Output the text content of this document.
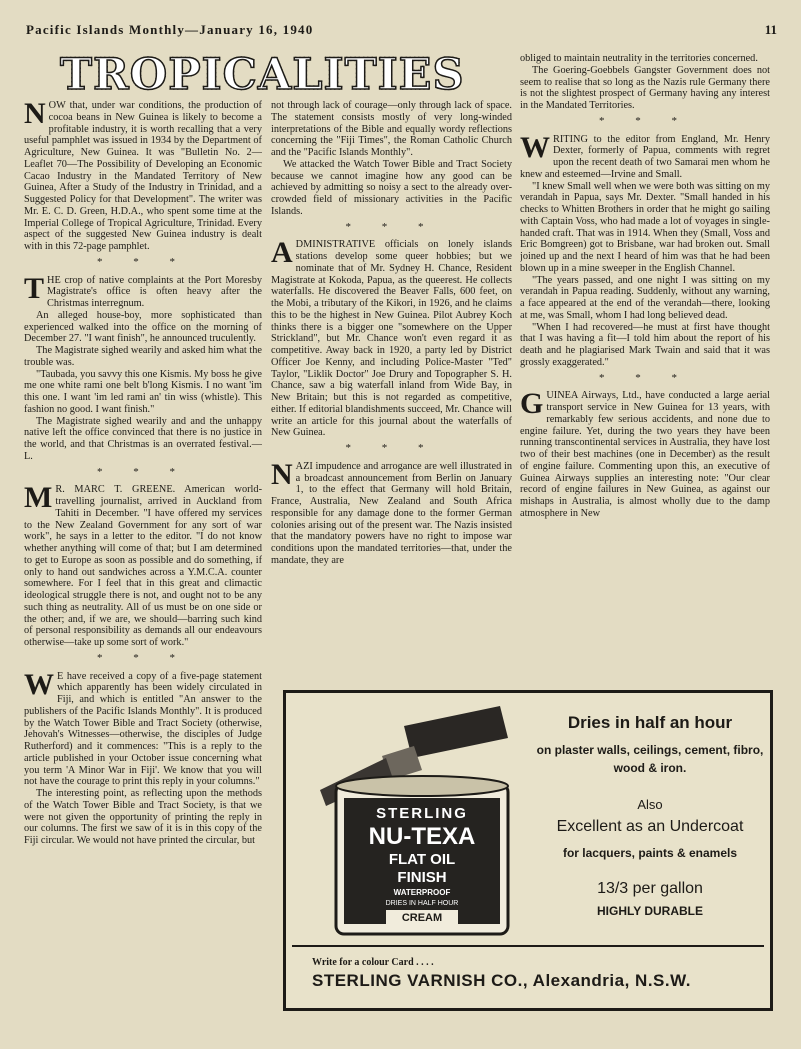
Pacific Islands Monthly—January 16, 1940	11
TROPICALITIES

NOW that, under war conditions, the production of cocoa beans in New Guinea is likely to become a profitable industry, it is worth recalling that a very useful pamphlet was issued in 1934 by the Department of Agriculture, New Guinea. It was "Bulletin No. 2—Leaflet 70—The Possibility of Developing an Economic Cacao Industry in the Mandated Territory of New Guinea, After a Study of the Industry in Trinidad, and a Suggested Policy for that Development". The writer was Mr. E. C. D. Green, H.D.A., who spent some time at the Imperial College of Tropical Agriculture, Trinidad. Every aspect of the suggested New Guinea industry is dealt with in this 72-page pamphlet.

* * *

THE crop of native complaints at the Port Moresby Magistrate's office is often heavy after the Christmas interregnum.

An alleged house-boy, more sophisticated than experienced walked into the office on the morning of December 27. "I want finish", he announced truculently.

The Magistrate sighed wearily and asked him what the trouble was.

"Taubada, you savvy this one Kismis. My boss he give me one white rami one belt b'long Kismis. I no want 'im this one. I want 'im led rami an' tin wiss (whistle). This fashion no good. I want finish."

The Magistrate sighed wearily and and the unhappy native left the office convinced that there is no justice in the world, and that Christmas is an overrated festival.—L.

* * *

M R. MARC T. GREENE. American world-travelling journalist, arrived in Auckland from Tahiti in December. "I have offered my services to the New Zealand Government for any sort of war work", he says in a letter to the editor. "I do not know whether anything will come of that; but I am determined to get to Europe as soon as possible and do something, if only to hand out sandwiches across a Y.M.C.A. counter somewhere. For I feel that in this great and climactic ideological struggle there is not, and ought not to be any such thing as neutrality. All of us must be on one side or the other; and, if we are, we should—barring such kind of personal responsibility as demands all our endeavours otherwise—take up some sort of work."

* * *

W E have received a copy of a five-page statement which apparently has been widely circulated in Fiji, and which is entitled "An answer to the publishers of the Pacific Islands Monthly". It is produced by the Watch Tower Bible and Tract Society (otherwise, Jehovah's Witnesses—otherwise, the disciples of Judge Rutherford) and it commences: "This is a reply to the article published in your October issue concerning what you term 'A Minor War in Fiji'. We know that you will not have the courage to print this reply in your columns."

The interesting point, as reflecting upon the methods of the Watch Tower Bible and Tract Society, is that we were not given the opportunity of printing the reply in our columns. The first we saw of it is in this copy of the Fiji circular. We would not have printed the circular, but

not through lack of courage—only through lack of space. The statement consists mostly of very long-winded interpretations of the Bible and equally wordy reflections concerning the "Fiji Times", the Roman Catholic Church and the "Pacific Islands Monthly".

We attacked the Watch Tower Bible and Tract Society because we cannot imagine how any good can be achieved by admitting so noisy a sect to the already over-crowded field of missionary activities in the Pacific Islands.

* * *

ADMINISTRATIVE officials on lonely islands stations develop some queer hobbies; but we nominate that of Mr. Sydney H. Chance, Resident Magistrate at Kokoda, Papua, as the queerest. He collects waterfalls. He discovered the Beaver Falls, 600 feet, on the Mobi, a tributary of the Kikori, in 1926, and he claims this to be the highest in New Guinea. Pilot Aubrey Koch thinks there is a bigger one "somewhere on the Upper Strickland", but Mr. Chance won't even regard it as competitive. Away back in 1920, a party led by District Officer Joe Kenny, and including Police-Master "Ted" Taylor, "Liklik Doctor" Joe Drury and Topographer S. H. Chance, saw a big waterfall inland from Wide Bay, in New Britain; but this is not regarded as competitive, either. If editorial blandishments succeed, Mr. Chance will write an article for this journal about the waterfalls of New Guinea.

* * *

NAZI impudence and arrogance are well illustrated in a broadcast announcement from Berlin on January 1, to the effect that Germany will hold Britain, France, Australia, New Zealand and South Africa responsible for any damage done to the former German colonies arising out of the present war. The Nazis insisted that the mandatory powers have no right to impose war conditions upon the mandated territories—that, under the mandate, they are

obliged to maintain neutrality in the territories concerned.

The Goering-Goebbels Gangster Government does not seem to realise that so long as the Nazis rule Germany there is not the slightest prospect of Germany having any interest in the Mandated Territories.

* * *

WRITING to the editor from England, Mr. Henry Dexter, formerly of Papua, comments with regret upon the recent death of two Samarai men whom he knew and esteemed—Irvine and Small.

"I knew Small well when we were both was sitting on my verandah in Papua, says Mr. Dexter. "Small handed in his checks to Whitten Brothers in order that he might go sailing with Captain Voss, who had made a lot of voyages in single-handed craft. That was in 1914. When they (Small, Voss and Eric Bomgreen) got to Brisbane, war had broken out. Small joined up and the next I heard of him was that he had been blown up in a mine sweeper in the English Channel.

"The years passed, and one night I was sitting on my verandah in Papua reading. Suddenly, without any warning, a face appeared at the end of the verandah—there, looking at me, was Small, whom I had long believed dead.

"When I had recovered—he must at first have thought that I was having a fit—I told him about the report of his death and he plagiarised Mark Twain and said that it was grossly exaggerated."

* * *

GUINEA Airways, Ltd., have conducted a large aerial transport service in New Guinea for 13 years, with remarkably few serious accidents, and none due to engine failure. Yet, during the two years they have been running transcontinental services in Australia, they have lost two of their best machines (one in December) as the result of engine failure. Commenting upon this, an executive of Guinea Airways supplies an interesting note: "Our clear record of engine failures in New Guinea, as against our mishaps in Australia, is almost wholly due to the damp atmosphere in New

STERLING
NU-TEXA
FLAT OIL
FINISH
WATERPROOF
DRIES IN HALF HOUR
CREAM
Dries in half an hour
on plaster walls, ceilings, cement, fibro, wood & iron.
Also
Excellent as an Undercoat
for lacquers, paints & enamels
13/3 per gallon
HIGHLY DURABLE
Write for a colour Card . . . .
STERLING VARNISH CO., Alexandria, N.S.W.
